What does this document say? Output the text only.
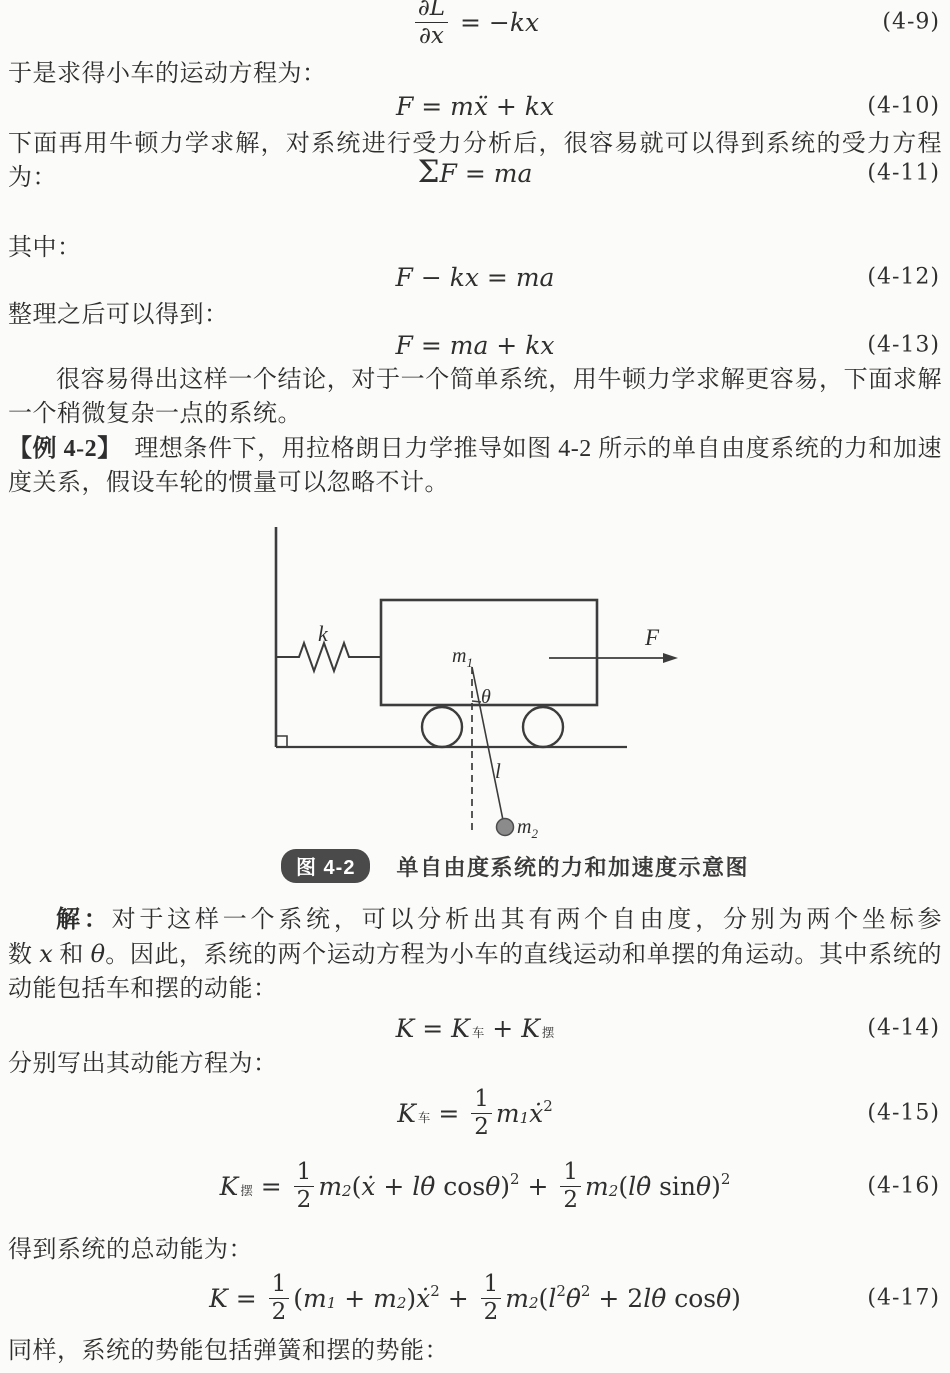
$\frac{\partial L}{\partial x}$ = − kx	(4-9)
于是求得小车的运动方程为：
F = mẍ + kx	(4-10)
下面再用牛顿力学求解，对系统进行受力分析后，很容易就可以得到系统的受力方程为：	Σ F = ma	(4-11)
其中：
F − kx = ma	(4-12)
整理之后可以得到：
F = ma + kx	(4-13)
很容易得出这样一个结论，对于一个简单系统，用牛顿力学求解更容易，下面求解一个稍微复杂一点的系统。
【例 4-2】　理想条件下，用拉格朗日力学推导如图 4-2 所示的单自由度系统的力和加速度关系，假设车轮的惯量可以忽略不计。
k
$m_1$
θ
l
$m_2$
F
图 4-2	单自由度系统的力和加速度示意图
解：对于这样一个系统，可以分析出其有两个自由度，分别为两个坐标参数 x 和 θ。因此，系统的两个运动方程为小车的直线运动和单摆的角运动。其中系统的动能包括车和摆的动能：
K = K 车 + K 摆	(4-14)
分别写出其动能方程为：
K 车 = $\frac{1}{2}$ m 1 ẋ 2	(4-15)
K 摆 = $\frac{1}{2}$ m 2 ( ẋ + lθ̇ cos θ ) $2 + \frac{1}{2}$ m 2 ( lθ̇ sin θ ) 2	(4-16)
得到系统的总动能为：
$K = \frac{1}{2}$ ( m 1 + m 2 ) ẋ $2 + \frac{1}{2}$ m 2 ( l 2 θ̇ 2 + 2 lθ̇ cos θ )	(4-17)
同样，系统的势能包括弹簧和摆的势能：
